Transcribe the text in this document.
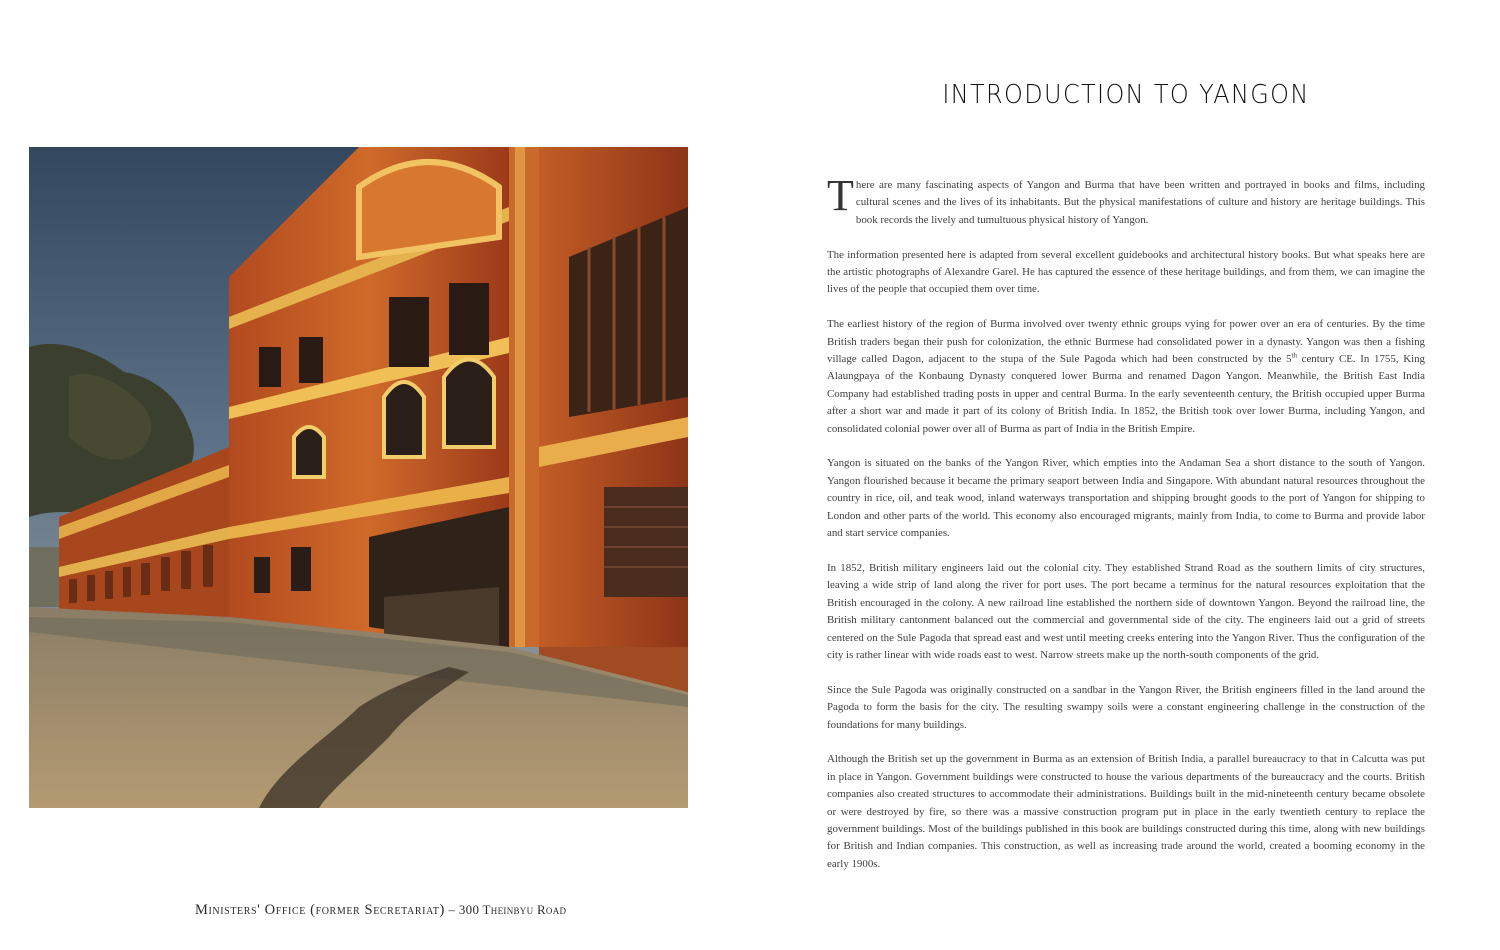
Ministers' Office (former Secretariat) – 300 Theinbyu Road
INTRODUCTION TO YANGON

There are many fascinating aspects of Yangon and Burma that have been written and portrayed in books and films, including cultural scenes and the lives of its inhabitants. But the physical manifestations of culture and history are heritage buildings. This book records the lively and tumultuous physical history of Yangon.

The information presented here is adapted from several excellent guidebooks and architectural history books. But what speaks here are the artistic photographs of Alexandre Garel. He has captured the essence of these heritage buildings, and from them, we can imagine the lives of the people that occupied them over time.

The earliest history of the region of Burma involved over twenty ethnic groups vying for power over an era of centuries. By the time British traders began their push for colonization, the ethnic Burmese had consolidated power in a dynasty. Yangon was then a fishing village called Dagon, adjacent to the stupa of the Sule Pagoda which had been constructed by the 5th century CE. In 1755, King Alaungpaya of the Konbaung Dynasty conquered lower Burma and renamed Dagon Yangon. Meanwhile, the British East India Company had established trading posts in upper and central Burma. In the early seventeenth century, the British occupied upper Burma after a short war and made it part of its colony of British India. In 1852, the British took over lower Burma, including Yangon, and consolidated colonial power over all of Burma as part of India in the British Empire.

Yangon is situated on the banks of the Yangon River, which empties into the Andaman Sea a short distance to the south of Yangon. Yangon flourished because it became the primary seaport between India and Singapore. With abundant natural resources throughout the country in rice, oil, and teak wood, inland waterways transportation and shipping brought goods to the port of Yangon for shipping to London and other parts of the world. This economy also encouraged migrants, mainly from India, to come to Burma and provide labor and start service companies.

In 1852, British military engineers laid out the colonial city. They established Strand Road as the southern limits of city structures, leaving a wide strip of land along the river for port uses. The port became a terminus for the natural resources exploitation that the British encouraged in the colony. A new railroad line established the northern side of downtown Yangon. Beyond the railroad line, the British military cantonment balanced out the commercial and governmental side of the city. The engineers laid out a grid of streets centered on the Sule Pagoda that spread east and west until meeting creeks entering into the Yangon River. Thus the configuration of the city is rather linear with wide roads east to west. Narrow streets make up the north-south components of the grid.

Since the Sule Pagoda was originally constructed on a sandbar in the Yangon River, the British engineers filled in the land around the Pagoda to form the basis for the city. The resulting swampy soils were a constant engineering challenge in the construction of the foundations for many buildings.

Although the British set up the government in Burma as an extension of British India, a parallel bureaucracy to that in Calcutta was put in place in Yangon. Government buildings were constructed to house the various departments of the bureaucracy and the courts. British companies also created structures to accommodate their administrations. Buildings built in the mid-nineteenth century became obsolete or were destroyed by fire, so there was a massive construction program put in place in the early twentieth century to replace the government buildings. Most of the buildings published in this book are buildings constructed during this time, along with new buildings for British and Indian companies. This construction, as well as increasing trade around the world, created a booming economy in the early 1900s.
